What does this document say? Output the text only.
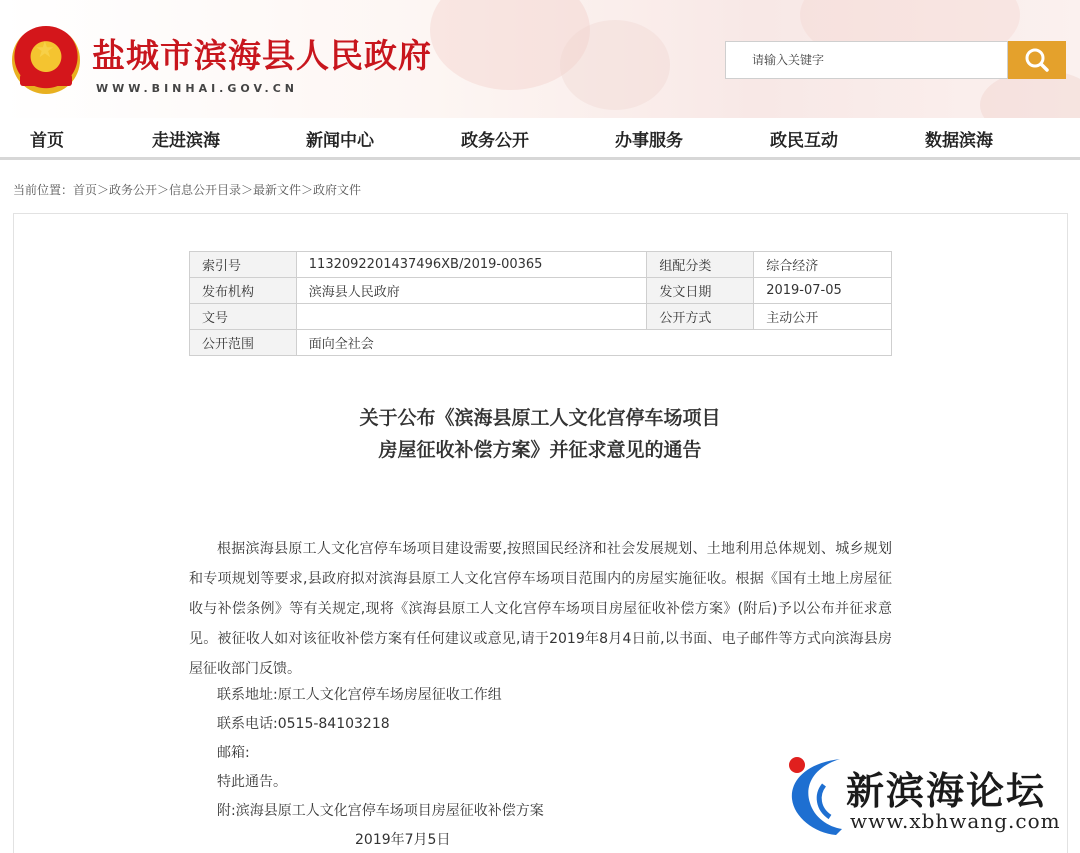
★ 盐城市滨海县人民政府
WWW.BINHAI.GOV.CN
请输入关键字
首页	走进滨海	新闻中心	政务公开	办事服务	政民互动	数据滨海
当前位置：首页＞政务公开＞信息公开目录＞最新文件＞政府文件
索引号	1132092201437496XB/2019-00365	组配分类	综合经济
发布机构	滨海县人民政府	发文日期	2019-07-05
文号		公开方式	主动公开
公开范围	面向全社会		
关于公布《滨海县原工人文化宫停车场项目
房屋征收补偿方案》并征求意见的通告
根据滨海县原工人文化宫停车场项目建设需要,按照国民经济和社会发展规划、土地利用总体规划、城乡规划和专项规划等要求,县政府拟对滨海县原工人文化宫停车场项目范围内的房屋实施征收。根据《国有土地上房屋征收与补偿条例》等有关规定,现将《滨海县原工人文化宫停车场项目房屋征收补偿方案》(附后)予以公布并征求意见。被征收人如对该征收补偿方案有任何建议或意见,请于2019年8月4日前,以书面、电子邮件等方式向滨海县房屋征收部门反馈。
联系地址:原工人文化宫停车场房屋征收工作组
联系电话:0515-84103218
邮箱:
特此通告。
附:滨海县原工人文化宫停车场项目房屋征收补偿方案
2019年7月5日
新滨海论坛
www.xbhwang.com
